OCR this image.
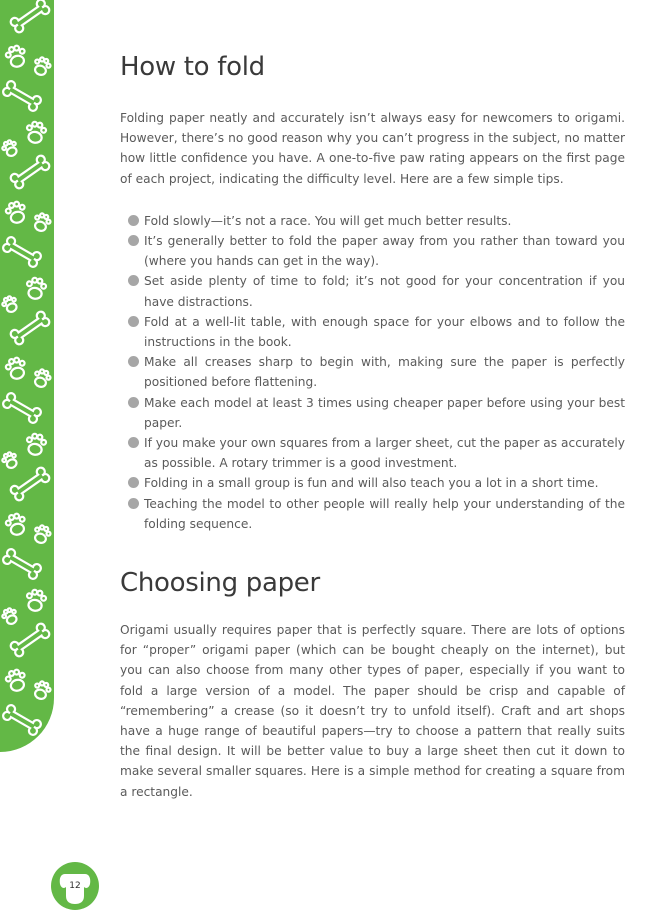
How to fold

Folding paper neatly and accurately isn’t always easy for newcomers to origami. However, there’s no good reason why you can’t progress in the subject, no matter how little confidence you have. A one-to-five paw rating appears on the first page of each project, indicating the difficulty level. Here are a few simple tips.

Fold slowly—it’s not a race. You will get much better results.
It’s generally better to fold the paper away from you rather than toward you (where you hands can get in the way).
Set aside plenty of time to fold; it’s not good for your concentration if you have distractions.
Fold at a well-lit table, with enough space for your elbows and to follow the instructions in the book.
Make all creases sharp to begin with, making sure the paper is perfectly positioned before flattening.
Make each model at least 3 times using cheaper paper before using your best paper.
If you make your own squares from a larger sheet, cut the paper as accurately as possible. A rotary trimmer is a good investment.
Folding in a small group is fun and will also teach you a lot in a short time.
Teaching the model to other people will really help your understanding of the folding sequence.
Choosing paper

Origami usually requires paper that is perfectly square. There are lots of options for “proper” origami paper (which can be bought cheaply on the internet), but you can also choose from many other types of paper, especially if you want to fold a large version of a model. The paper should be crisp and capable of “remembering” a crease (so it doesn’t try to unfold itself). Craft and art shops have a huge range of beautiful papers—try to choose a pattern that really suits the final design. It will be better value to buy a large sheet then cut it down to make several smaller squares. Here is a simple method for creating a square from a rectangle.

12
